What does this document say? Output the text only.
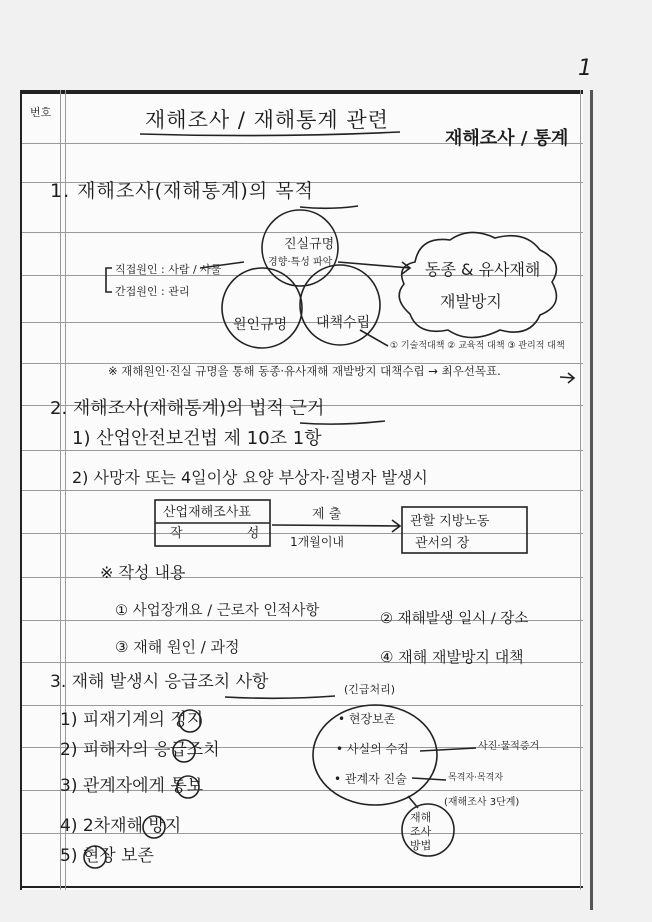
1
번호	재해조사 / 재해통계 관련
재해조사 / 통계
1. 재해조사(재해통계)의 목적
직접원인 : 사람 / 사물
간접원인 : 관리
진실규명
경향·특성 파악
원인규명 대책수립
동종 & 유사재해
재발방지
① 기술적대책 ② 교육적 대책 ③ 관리적 대책
※ 재해원인·진실 규명을 통해 동종·유사재해 재발방지 대책수립 → 최우선목표.
2. 재해조사(재해통계)의 법적 근거
1) 산업안전보건법 제 10조 1항
2) 사망자 또는 4일이상 요양 부상자·질병자 발생시
산업재해조사표
작 성
제 출
1개월이내
관할 지방노동
관서의 장
※ 작성 내용
① 사업장개요 / 근로자 인적사항	② 재해발생 일시 / 장소
③ 재해 원인 / 과정
④ 재해 재발방지 대책
3. 재해 발생시 응급조치 사항	(긴급처리)
1) 피재기계의 정지
2) 피해자의 응급조치
3) 관계자에게 통보
4) 2차재해 방지
5) 현장 보존
• 현장보존
• 사실의 수집
• 관계자 진술
사진·물적증거
목격자·목격자
(재해조사 3단계)
재해
조사
방법
